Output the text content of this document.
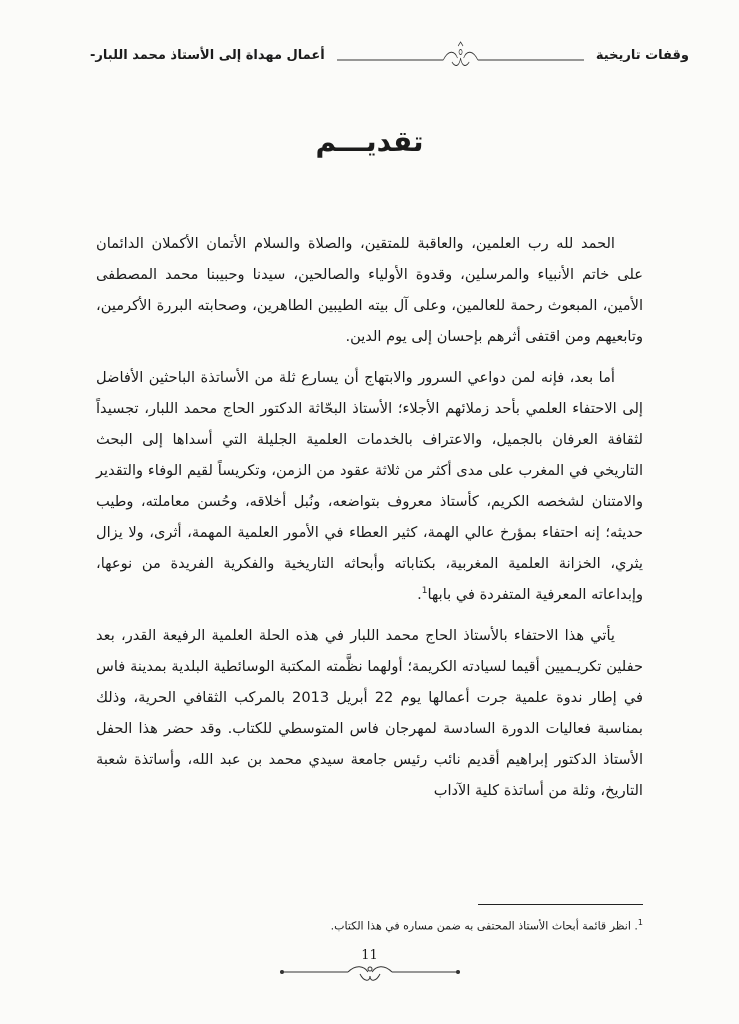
وقفات تاريخية
أعمال مهداة إلى الأستاذ محمد اللبار-
تقديـــم

الحمد لله رب العلمين، والعاقبة للمتقين، والصلاة والسلام الأتمان الأكملان الدائمان على خاتم الأنبياء والمرسلين، وقدوة الأولياء والصالحين، سيدنا وحبيبنا محمد المصطفى الأمين، المبعوث رحمة للعالمين، وعلى آل بيته الطيبين الطاهرين، وصحابته البررة الأكرمين، وتابعيهم ومن اقتفى أثرهم بإحسان إلى يوم الدين.

أما بعد، فإنه لمن دواعي السرور والابتهاج أن يسارع ثلة من الأساتذة الباحثين الأفاضل إلى الاحتفاء العلمي بأحد زملائهم الأجلاء؛ الأستاذ البحّاثة الدكتور الحاج محمد اللبار، تجسيداً لثقافة العرفان بالجميل، والاعتراف بالخدمات العلمية الجليلة التي أسداها إلى البحث التاريخي في المغرب على مدى أكثر من ثلاثة عقود من الزمن، وتكريساً لقيم الوفاء والتقدير والامتنان لشخصه الكريم، كأستاذ معروف بتواضعه، ونُبل أخلاقه، وحُسن معاملته، وطيب حديثه؛ إنه احتفاء بمؤرخ عالي الهمة، كثير العطاء في الأمور العلمية المهمة، أثرى، ولا يزال يثري، الخزانة العلمية المغربية، بكتاباته وأبحاثه التاريخية والفكرية الفريدة من نوعها، وإبداعاته المعرفية المتفردة في بابها$^1$.

يأتي هذا الاحتفاء بالأستاذ الحاج محمد اللبار في هذه الحلة العلمية الرفيعة القدر، بعد حفلين تكريـميين أقيما لسيادته الكريمة؛ أولهما نظَّمته المكتبة الوسائطية البلدية بمدينة فاس في إطار ندوة علمية جرت أعمالها يوم 22 أبريل 2013 بالمركب الثقافي الحرية، وذلك بمناسبة فعاليات الدورة السادسة لمهرجان فاس المتوسطي للكتاب. وقد حضر هذا الحفل الأستاذ الدكتور إبراهيم أقديم نائب رئيس جامعة سيدي محمد بن عبد الله، وأساتذة شعبة التاريخ، وثلة من أساتذة كلية الآداب

$^1$. انظر قائمة أبحاث الأستاذ المحتفى به ضمن مساره في هذا الكتاب.
11
